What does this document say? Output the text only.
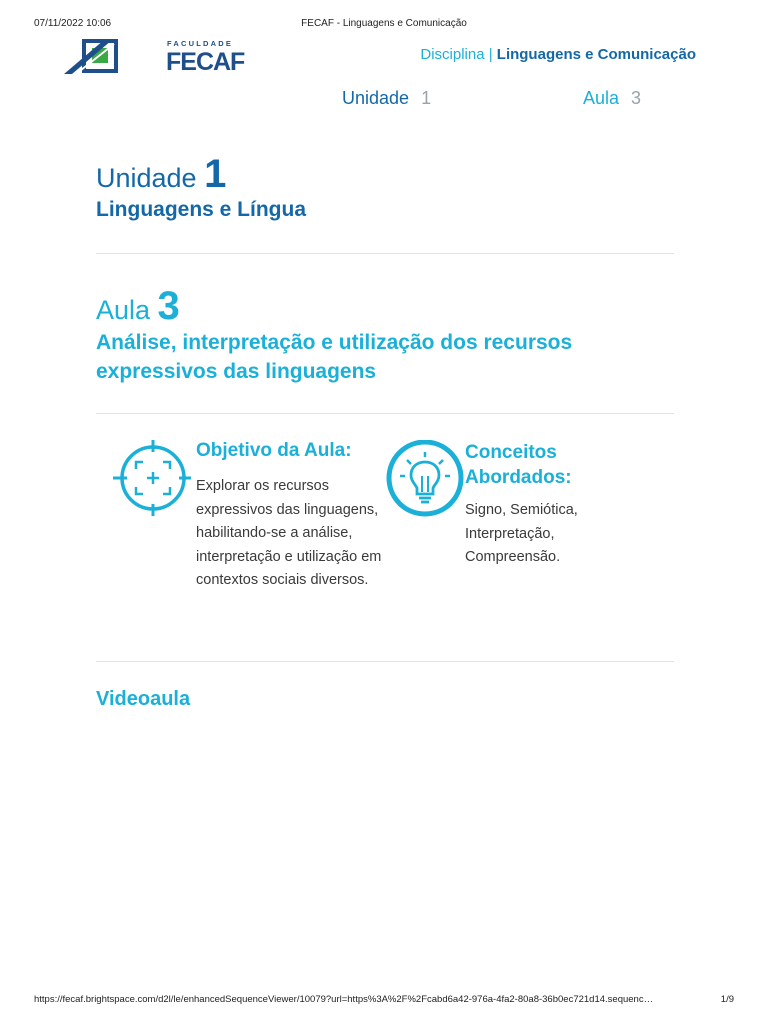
07/11/2022 10:06	FECAF - Linguagens e Comunicação
FACULDADE
FECAF	Disciplina | Linguagens e Comunicação
Unidade 1	Aula 3
Unidade 1
Linguagens e Língua
Aula 3
Análise, interpretação e utilização dos recursos expressivos das linguagens
Objetivo da Aula:
Explorar os recursos expressivos das linguagens, habilitando-se a análise, interpretação e utilização em contextos sociais diversos.
Conceitos Abordados:
Signo, Semiótica, Interpretação, Compreensão.
Videoaula
https://fecaf.brightspace.com/d2l/le/enhancedSequenceViewer/10079?url=https%3A%2F%2Fcabd6a42-976a-4fa2-80a8-36b0ec721d14.sequenc…	1/9
